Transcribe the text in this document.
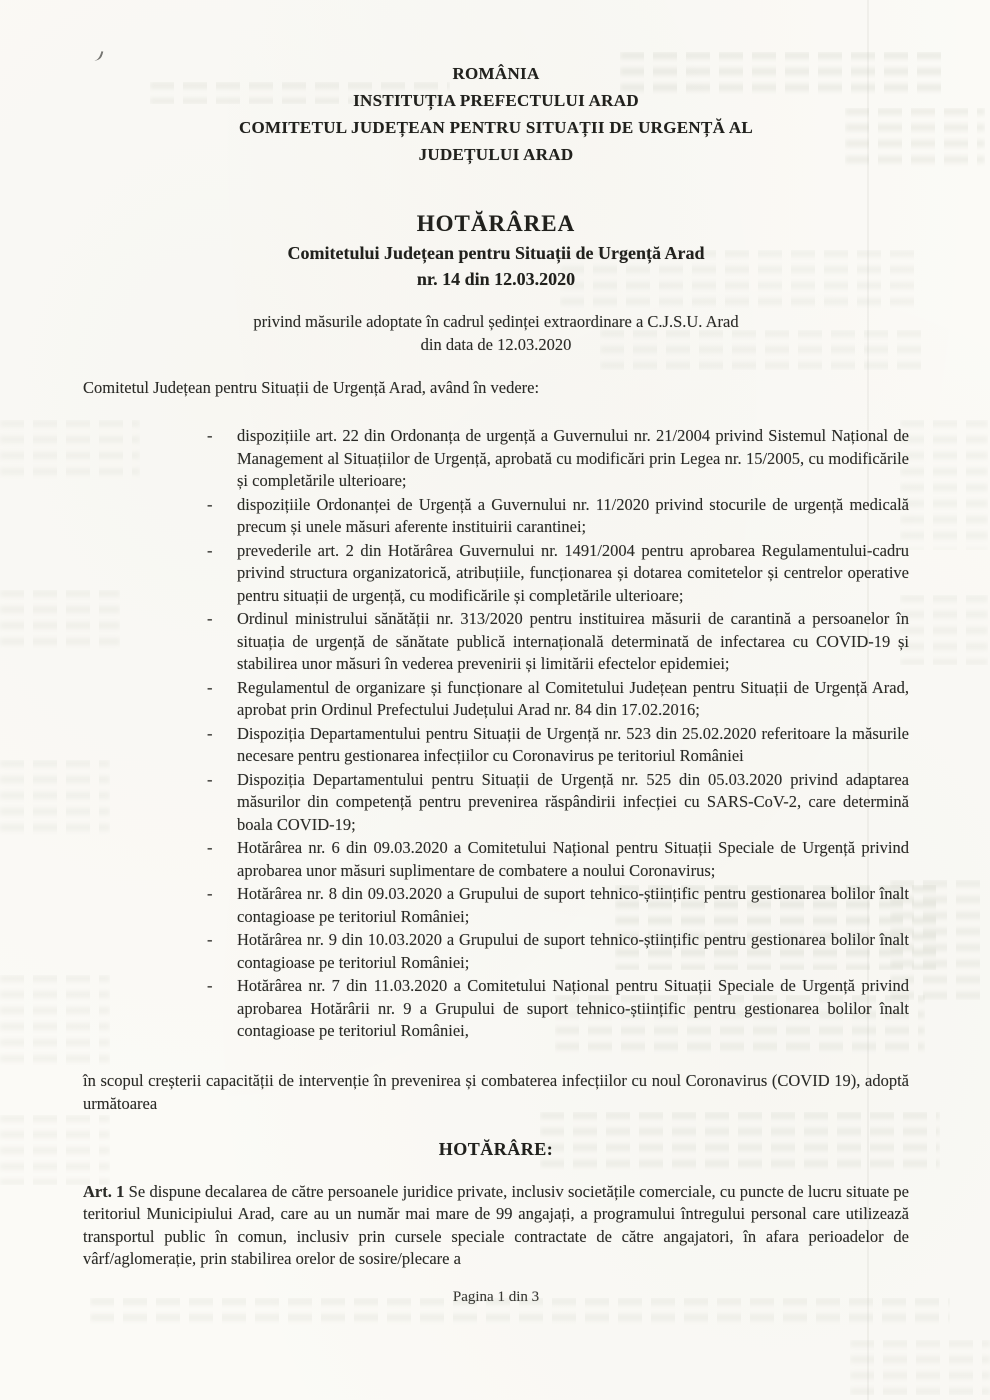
ROMÂNIA
INSTITUȚIA PREFECTULUI ARAD
COMITETUL JUDEȚEAN PENTRU SITUAȚII DE URGENȚĂ AL
JUDEȚULUI ARAD
HOTĂRÂREA
Comitetului Județean pentru Situații de Urgență Arad
nr. 14 din 12.03.2020
privind măsurile adoptate în cadrul ședinței extraordinare a C.J.S.U. Arad
din data de 12.03.2020
Comitetul Județean pentru Situații de Urgență Arad, având în vedere:
-	dispozițiile art. 22 din Ordonanța de urgență a Guvernului nr. 21/2004 privind Sistemul Național de Management al Situațiilor de Urgență, aprobată cu modificări prin Legea nr. 15/2005, cu modificările și completările ulterioare;
-	dispozițiile Ordonanței de Urgență a Guvernului nr. 11/2020 privind stocurile de urgență medicală precum și unele măsuri aferente instituirii carantinei;
-	prevederile art. 2 din Hotărârea Guvernului nr. 1491/2004 pentru aprobarea Regulamentului-cadru privind structura organizatorică, atribuțiile, funcționarea și dotarea comitetelor și centrelor operative pentru situații de urgență, cu modificările și completările ulterioare;
-	Ordinul ministrului sănătății nr. 313/2020 pentru instituirea măsurii de carantină a persoanelor în situația de urgență de sănătate publică internațională determinată de infectarea cu COVID-19 și stabilirea unor măsuri în vederea prevenirii și limitării efectelor epidemiei;
-	Regulamentul de organizare și funcționare al Comitetului Județean pentru Situații de Urgență Arad, aprobat prin Ordinul Prefectului Județului Arad nr. 84 din 17.02.2016;
-	Dispoziția Departamentului pentru Situații de Urgență nr. 523 din 25.02.2020 referitoare la măsurile necesare pentru gestionarea infecțiilor cu Coronavirus pe teritoriul României
-	Dispoziția Departamentului pentru Situații de Urgență nr. 525 din 05.03.2020 privind adaptarea măsurilor din competență pentru prevenirea răspândirii infecției cu SARS-CoV-2, care determină boala COVID-19;
-	Hotărârea nr. 6 din 09.03.2020 a Comitetului Național pentru Situații Speciale de Urgență privind aprobarea unor măsuri suplimentare de combatere a noului Coronavirus;
-	Hotărârea nr. 8 din 09.03.2020 a Grupului de suport tehnico-științific pentru gestionarea bolilor înalt contagioase pe teritoriul României;
-	Hotărârea nr. 9 din 10.03.2020 a Grupului de suport tehnico-științific pentru gestionarea bolilor înalt contagioase pe teritoriul României;
-	Hotărârea nr. 7 din 11.03.2020 a Comitetului Național pentru Situații Speciale de Urgență privind aprobarea Hotărârii nr. 9 a Grupului de suport tehnico-științific pentru gestionarea bolilor înalt contagioase pe teritoriul României,
în scopul creșterii capacității de intervenție în prevenirea și combaterea infecțiilor cu noul Coronavirus (COVID 19), adoptă următoarea
HOTĂRÂRE:
Art. 1 Se dispune decalarea de către persoanele juridice private, inclusiv societățile comerciale, cu puncte de lucru situate pe teritoriul Municipiului Arad, care au un număr mai mare de 99 angajați, a programului întregului personal care utilizează transportul public în comun, inclusiv prin cursele speciale contractate de către angajatori, în afara perioadelor de vârf/aglomerație, prin stabilirea orelor de sosire/plecare a
Pagina 1 din 3
